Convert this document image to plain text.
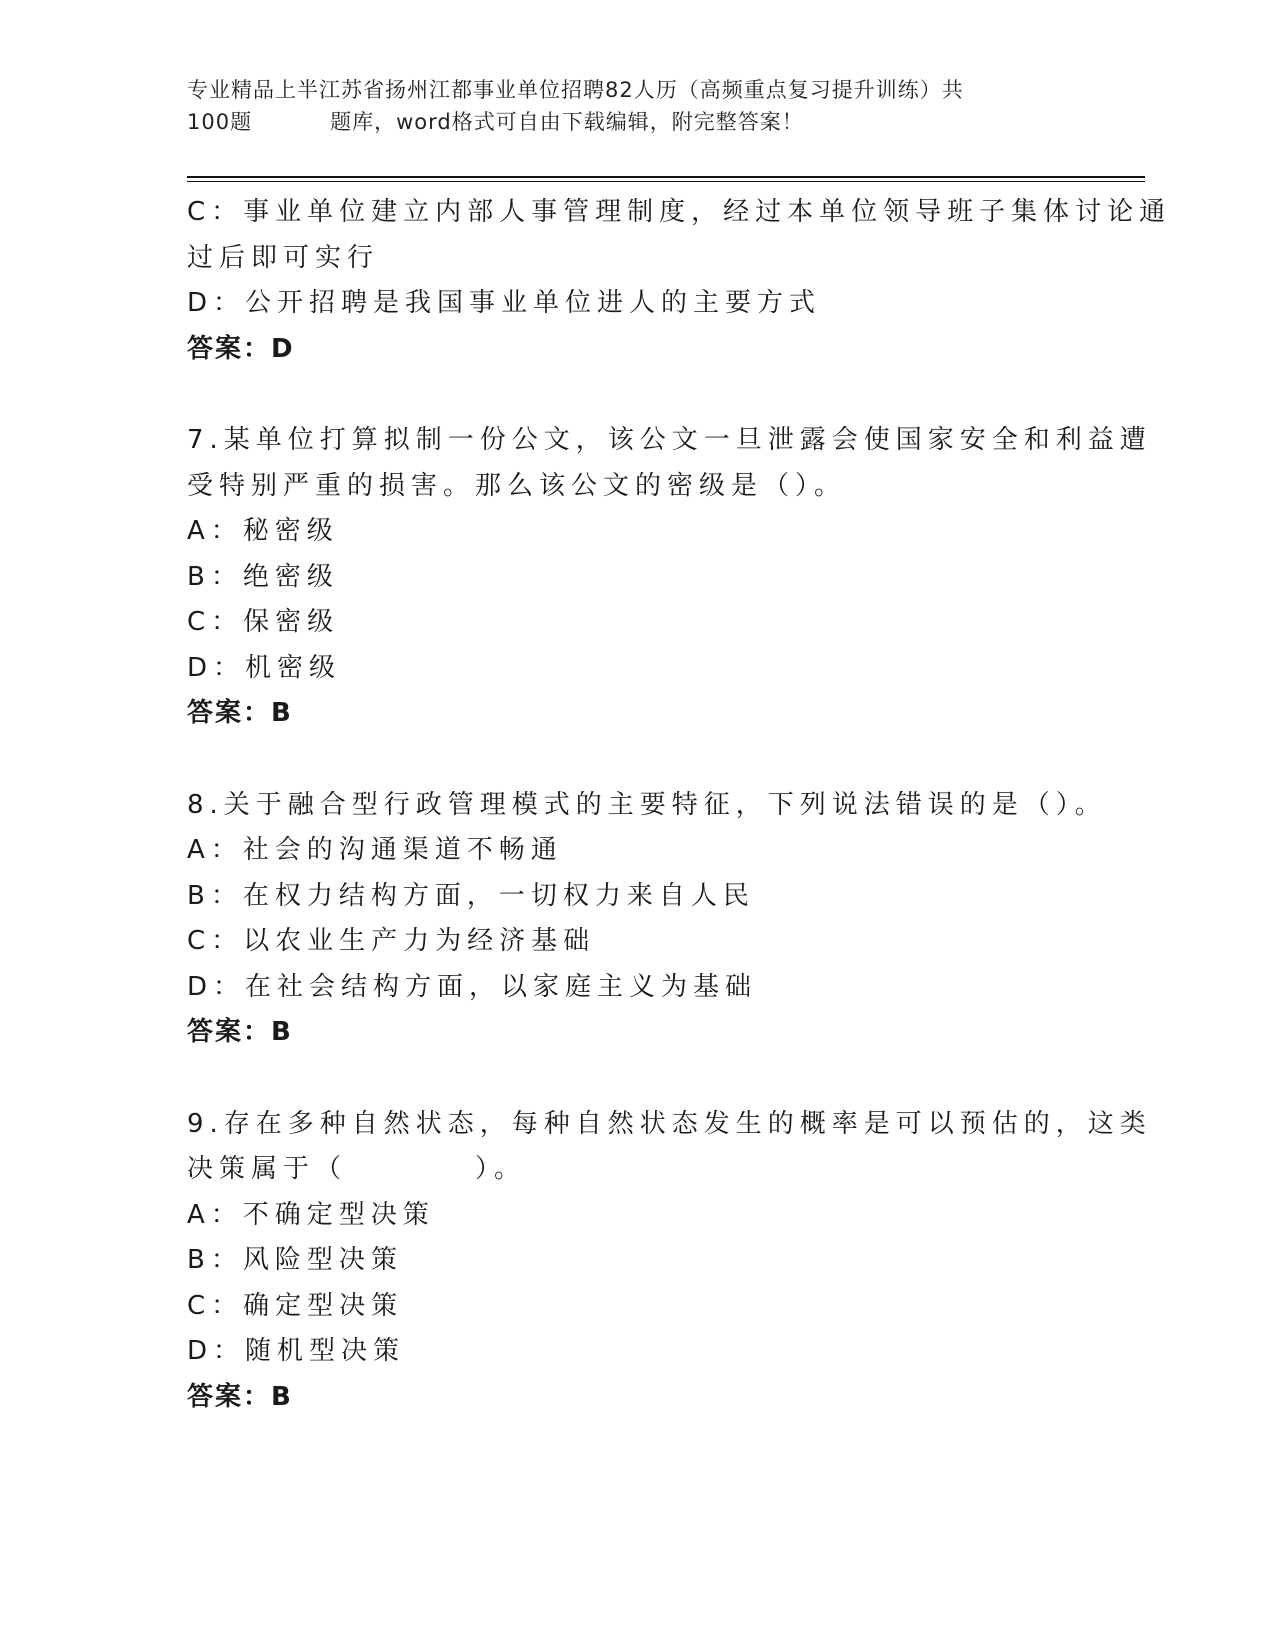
专业精品上半江苏省扬州江都事业单位招聘82人历（高频重点复习提升训练）共
100题	题库，word格式可自由下载编辑，附完整答案！
C：事业单位建立内部人事管理制度，经过本单位领导班子集体讨论通
过后即可实行
D：公开招聘是我国事业单位进人的主要方式
答案：D
7.某单位打算拟制一份公文，该公文一旦泄露会使国家安全和利益遭
受特别严重的损害。那么该公文的密级是（）。
A：秘密级
B：绝密级
C：保密级
D：机密级
答案：B
8.关于融合型行政管理模式的主要特征，下列说法错误的是（）。
A：社会的沟通渠道不畅通
B：在权力结构方面，一切权力来自人民
C：以农业生产力为经济基础
D：在社会结构方面，以家庭主义为基础
答案：B
9.存在多种自然状态，每种自然状态发生的概率是可以预估的，这类
决策属于（　　　　）。
A：不确定型决策
B：风险型决策
C：确定型决策
D：随机型决策
答案：B
